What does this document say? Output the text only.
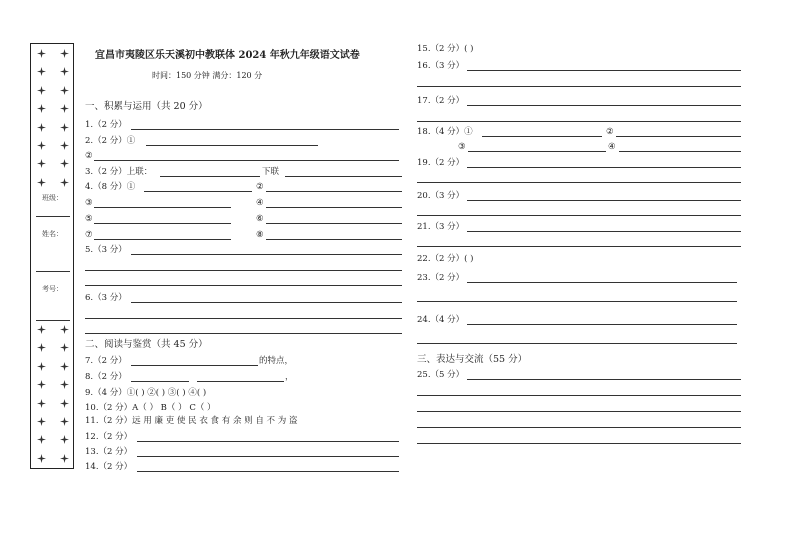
班级：
姓名：
考号：
宜昌市夷陵区乐天溪初中教联体 2024 年秋九年级语文试卷
时间：150 分钟 满分：120 分
一、积累与运用（共 20 分）
1.（2 分）
2.（2 分）①
②
3.（2 分）上联：	下联
4.（8 分）①	②
③	④
⑤	⑥
⑦	⑧
5.（3 分）
6.（3 分）
二、阅读与鉴赏（共 45 分）
7.（2 分）	的特点，
8.（2 分）	，
9.（4 分）①( ) ②( ) ③( ) ④( )
10.（2 分）A（ ） B（ ） C（ ）
11.（2 分）远 用 廉 吏 使 民 衣 食 有 余 则 自 不 为 盗
12.（2 分）
13.（2 分）
14.（2 分）
15.（2 分）( )
16.（3 分）
17.（2 分）
18.（4 分）①	②
③	④
19.（2 分）
20.（3 分）
21.（3 分）
22.（2 分）( )
23.（2 分）
24.（4 分）
三、表达与交流（55 分）
25.（5 分）
